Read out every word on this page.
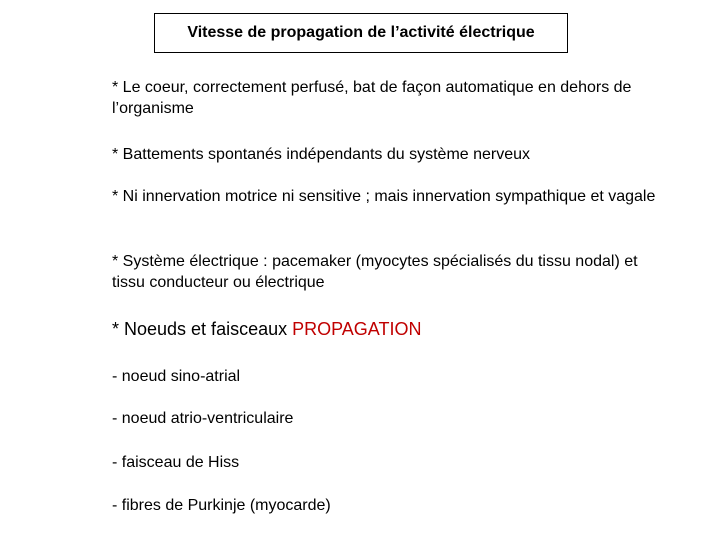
Vitesse de propagation de l’activité électrique

* Le coeur, correctement perfusé, bat de façon automatique en dehors de l’organisme

* Battements spontanés indépendants du système nerveux

* Ni innervation motrice ni sensitive ; mais innervation sympathique et vagale

* Système électrique : pacemaker (myocytes spécialisés du tissu nodal) et tissu conducteur ou électrique

* Noeuds et faisceaux PROPAGATION

- noeud sino-atrial

- noeud atrio-ventriculaire

- faisceau de Hiss

- fibres de Purkinje (myocarde)
